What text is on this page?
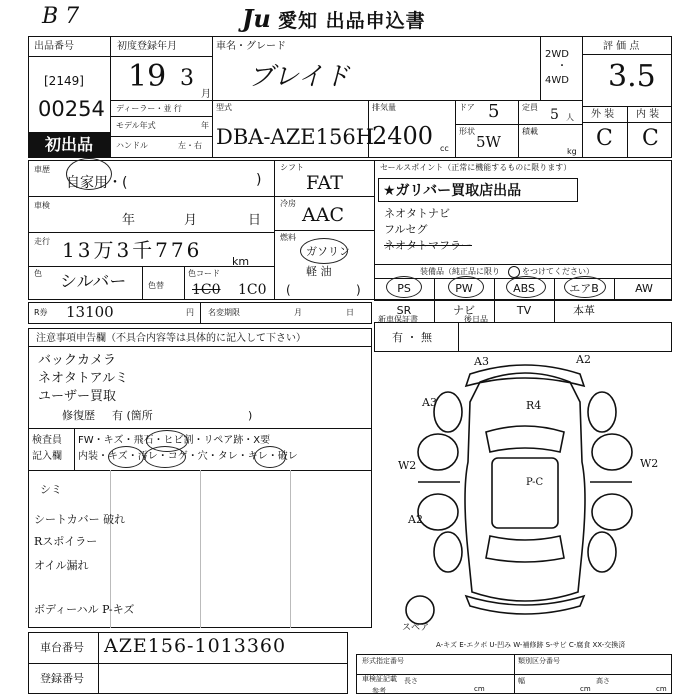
B 7	Ju 愛知 出品申込書
出品番号
[2149]
00254
初出品
初度登録年月
19 3
月
車名・グレード
ブレイド
2WD
・
4WD
評 価 点
3.5
外 装 内 装
C C
ディーラー・並 行
モデル年式	年
ハンドル	左・右
型式
DBA-AZE156H
排気量
2400 cc
ドア 5
形状
5W
定員 5 人
積載
kg
車歴
自家用・(	)
車検
年	月	日
走行 13万3千776	km
色 シルバー	色替
色コード
1C0 1C0
シフト
FAT
冷房
AAC
燃料
ガソリン
軽 油
(	)
セールスポイント（正常に機能するものに限ります）
★ガリバー買取店出品
ネオタトナビ
フルセグ
ネオタトマフラー
装備品（純正品に限り	をつけてください）
PS	PW	ABS	エアB	AW
SR	ナビ	TV	本革
R券 13100	円 名変期限	月	日
新車保証書
有 ・ 無
後日品
注意事項申告欄（不具合内容等は具体的に記入して下さい）
バックカメラ
ネオタトアルミ
ユーザー買取
修復歴 有 (箇所	)
検査員
記入欄
FW・キズ・飛石・ヒビ割・リペア跡・X要
内装・キズ・汚レ・コゲ・穴・タレ・キレ・破レ
シミ
シートカバー 破れ
Rスポイラー
オイル漏れ
ボディーハル P-キズ
A3	A2
A3	R4
W2	W2
P-C
A2
スペア
A-キズ E-エクボ U-凹み W-補修跡 S-サビ C-腐食 XX-交換済
車台番号 AZE156-1013360
登録番号
形式指定番号	類別区分番号
車検証記載 長さ
cm
幅
cm
高さ
cm
参考
